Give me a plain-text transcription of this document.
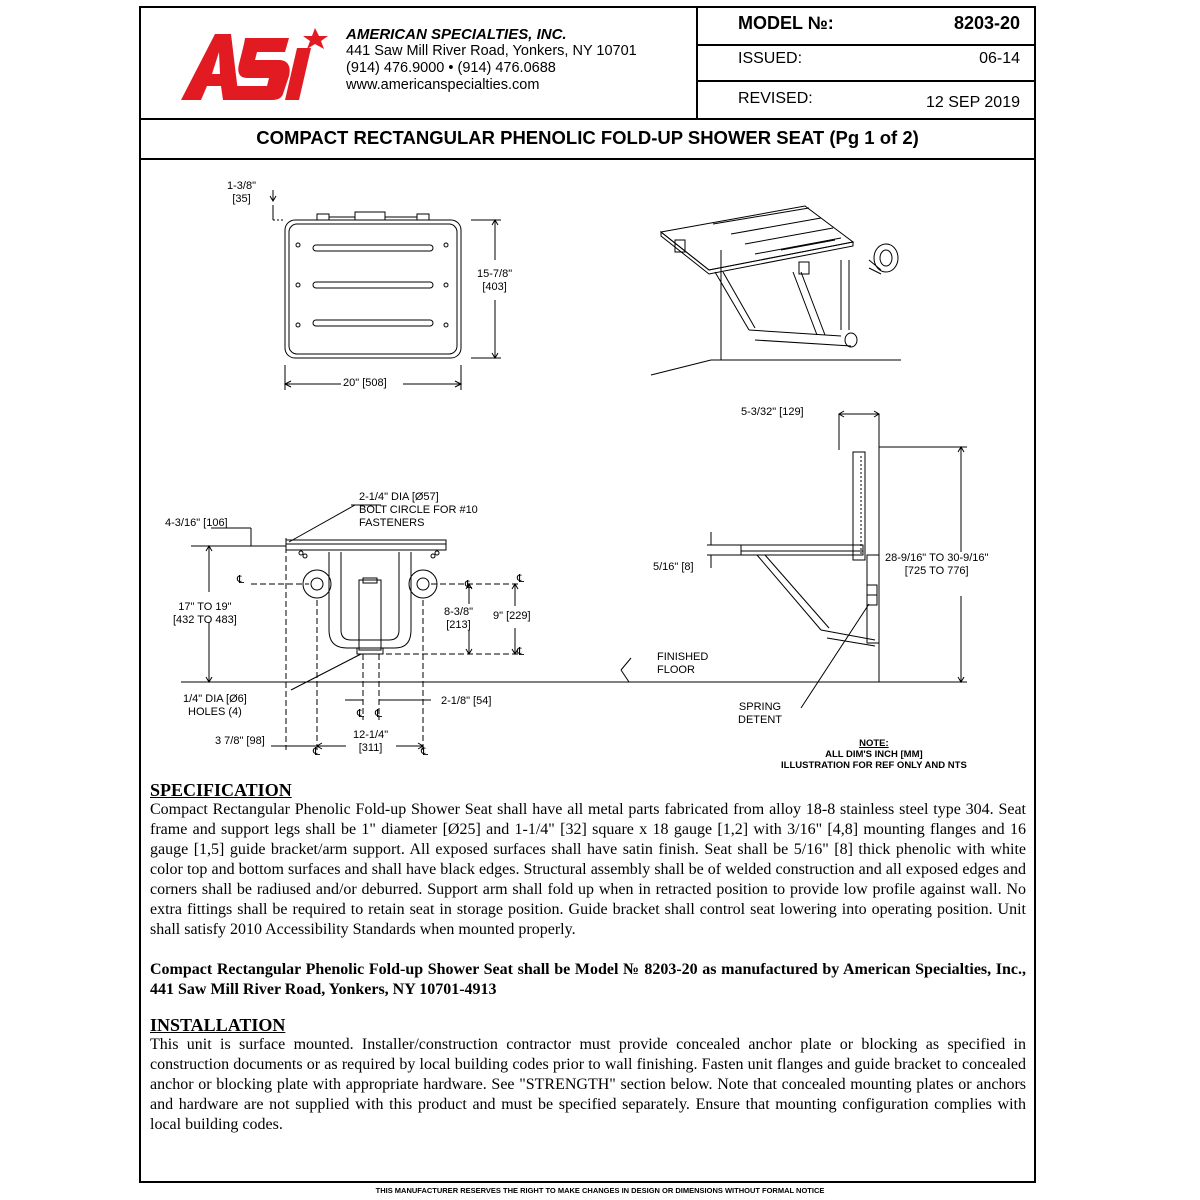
AMERICAN SPECIALTIES, INC.
441 Saw Mill River Road, Yonkers, NY 10701
(914) 476.9000 • (914) 476.0688
www.americanspecialties.com
MODEL №:	8203-20
ISSUED:	06-14
REVISED:	12 SEP 2019
COMPACT RECTANGULAR PHENOLIC FOLD-UP SHOWER SEAT (Pg 1 of 2)
1-3/8"
[35]
15-7/8"
[403]
20" [508]
5-3/32" [129]
2-1/4" DIA [Ø57]
BOLT CIRCLE FOR #10
FASTENERS
4-3/16" [106]
17" TO 19"
[432 TO 483]
8-3/8"
[213]
9" [229]
5/16" [8]
28-9/16" TO 30-9/16"
[725 TO 776]
FINISHED
FLOOR
1/4" DIA [Ø6]
HOLES (4)
2-1/8" [54]
3 7/8" [98]	12-1/4"
[311]
SPRING
DETENT
℄	℄	℄
℄
℄ ℄
℄	℄
NOTE:
ALL DIM'S INCH [MM]
ILLUSTRATION FOR REF ONLY AND NTS
SPECIFICATION

Compact Rectangular Phenolic Fold-up Shower Seat shall have all metal parts fabricated from alloy 18-8 stainless steel type 304. Seat frame and support legs shall be 1" diameter [Ø25] and 1-1/4" [32] square x 18 gauge [1,2] with 3/16" [4,8] mounting flanges and 16 gauge [1,5] guide bracket/arm support. All exposed surfaces shall have satin finish. Seat shall be 5/16" [8] thick phenolic with white color top and bottom surfaces and shall have black edges. Structural assembly shall be of welded construction and all exposed edges and corners shall be radiused and/or deburred. Support arm shall fold up when in retracted position to provide low profile against wall. No extra fittings shall be required to retain seat in storage position. Guide bracket shall control seat lowering into operating position. Unit shall satisfy 2010 Accessibility Standards when mounted properly.

Compact Rectangular Phenolic Fold-up Shower Seat shall be Model № 8203-20 as manufactured by American Specialties, Inc., 441 Saw Mill River Road, Yonkers, NY 10701-4913

INSTALLATION

This unit is surface mounted. Installer/construction contractor must provide concealed anchor plate or blocking as specified in construction documents or as required by local building codes prior to wall finishing. Fasten unit flanges and guide bracket to concealed anchor or blocking plate with appropriate hardware. See "STRENGTH" section below. Note that concealed mounting plates or anchors and hardware are not supplied with this product and must be specified separately. Ensure that mounting configuration complies with local building codes.

THIS MANUFACTURER RESERVES THE RIGHT TO MAKE CHANGES IN DESIGN OR DIMENSIONS WITHOUT FORMAL NOTICE
